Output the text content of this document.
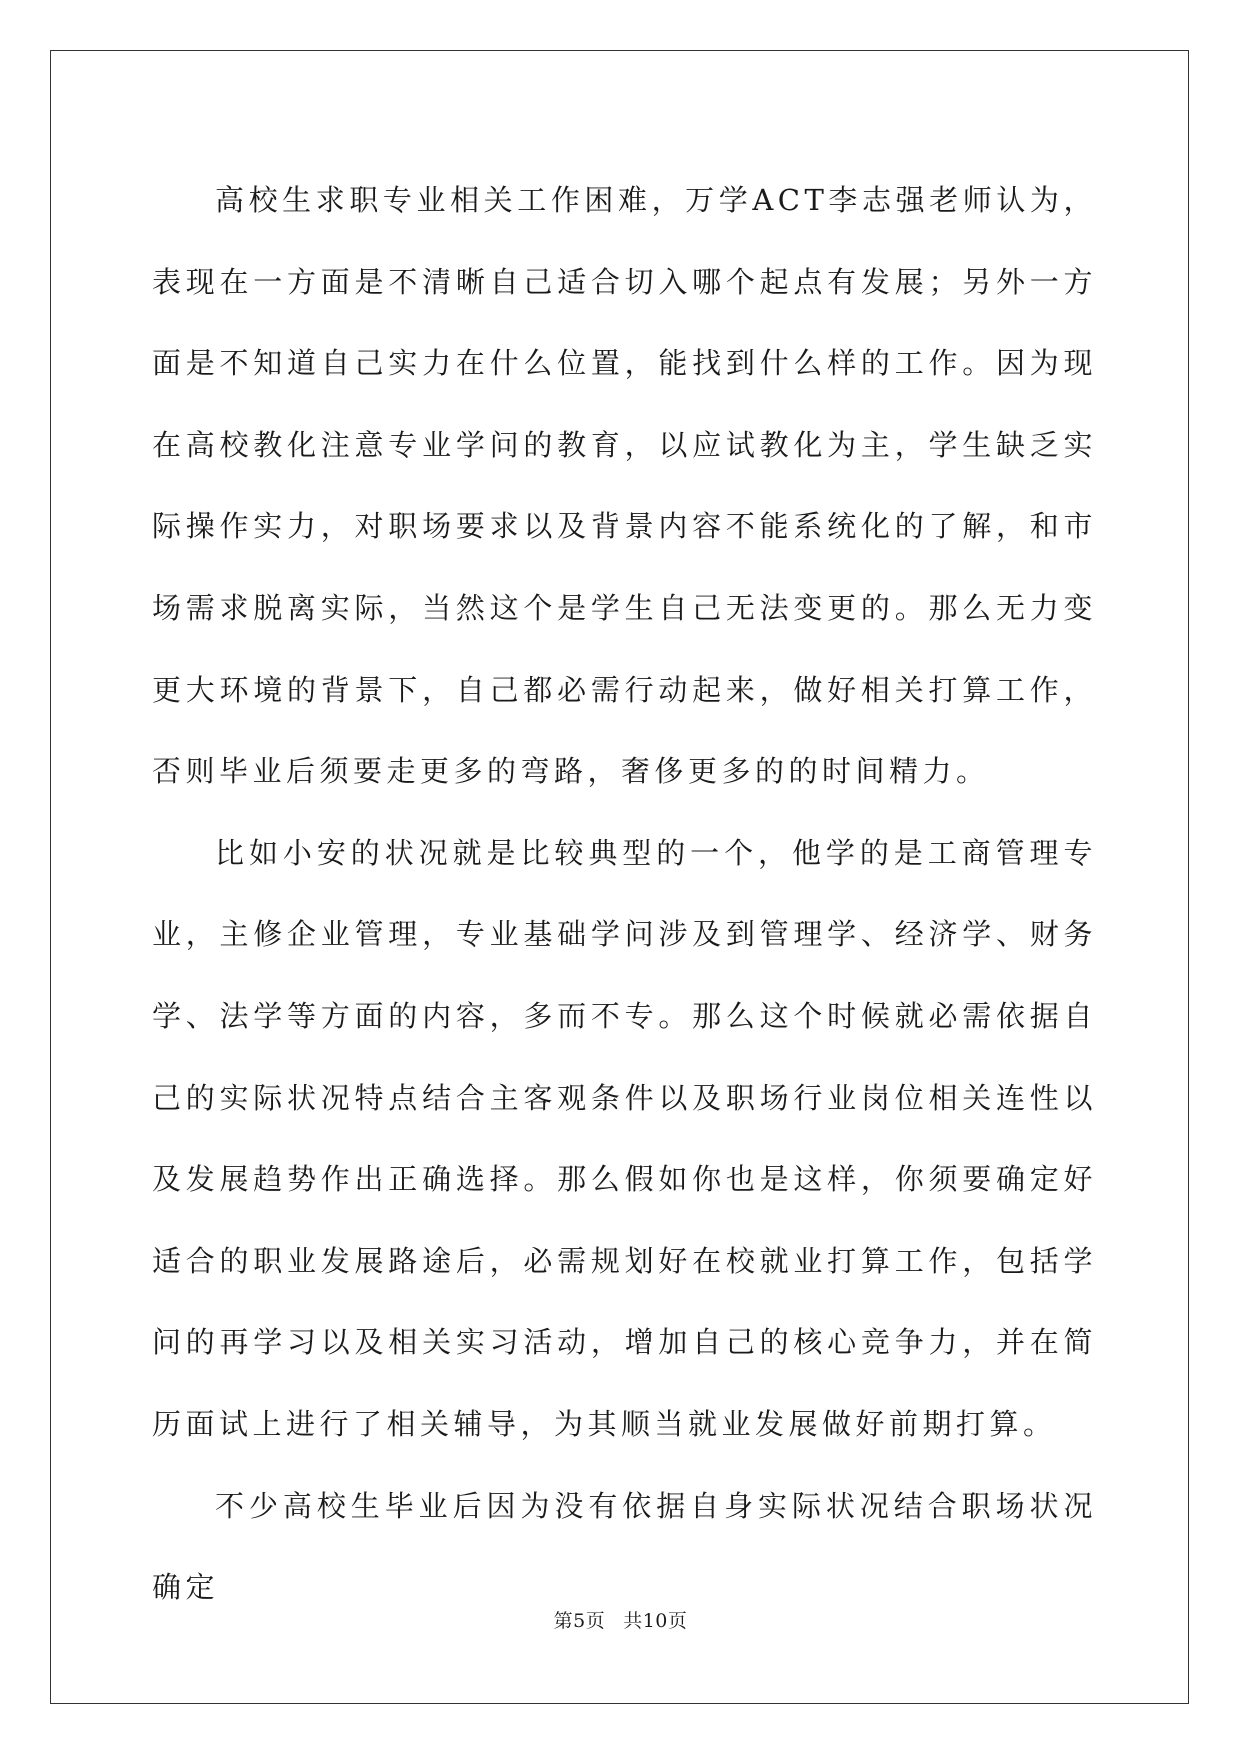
高校生求职专业相关工作困难，万学ACT李志强老师认为，表现在一方面是不清晰自己适合切入哪个起点有发展；另外一方面是不知道自己实力在什么位置，能找到什么样的工作。因为现在高校教化注意专业学问的教育，以应试教化为主，学生缺乏实际操作实力，对职场要求以及背景内容不能系统化的了解，和市场需求脱离实际，当然这个是学生自己无法变更的。那么无力变更大环境的背景下，自己都必需行动起来，做好相关打算工作，否则毕业后须要走更多的弯路，奢侈更多的的时间精力。

比如小安的状况就是比较典型的一个，他学的是工商管理专业，主修企业管理，专业基础学问涉及到管理学、经济学、财务学、法学等方面的内容，多而不专。那么这个时候就必需依据自己的实际状况特点结合主客观条件以及职场行业岗位相关连性以及发展趋势作出正确选择。那么假如你也是这样，你须要确定好适合的职业发展路途后，必需规划好在校就业打算工作，包括学问的再学习以及相关实习活动，增加自己的核心竞争力，并在简历面试上进行了相关辅导，为其顺当就业发展做好前期打算。

不少高校生毕业后因为没有依据自身实际状况结合职场状况确定

第5页 共10页
